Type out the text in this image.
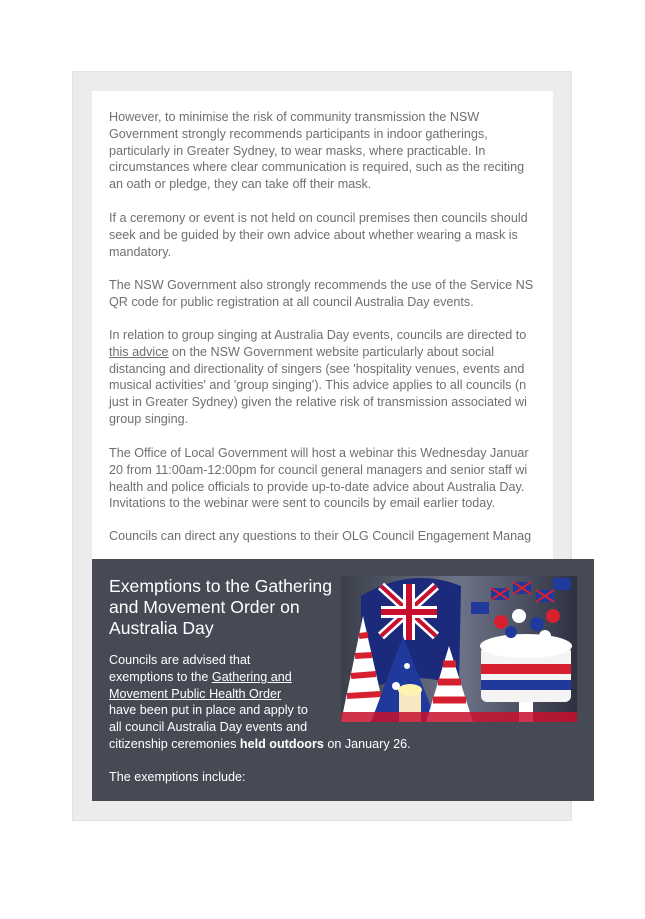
However, to minimise the risk of community transmission the NSW
Government strongly recommends participants in indoor gatherings,
particularly in Greater Sydney, to wear masks, where practicable. In
circumstances where clear communication is required, such as the reciting
an oath or pledge, they can take off their mask.

If a ceremony or event is not held on council premises then councils should
seek and be guided by their own advice about whether wearing a mask is
mandatory.

The NSW Government also strongly recommends the use of the Service NS
QR code for public registration at all council Australia Day events.

In relation to group singing at Australia Day events, councils are directed to
this advice on the NSW Government website particularly about social
distancing and directionality of singers (see 'hospitality venues, events and
musical activities' and 'group singing'). This advice applies to all councils (n
just in Greater Sydney) given the relative risk of transmission associated wi
group singing.

The Office of Local Government will host a webinar this Wednesday Januar
20 from 11:00am-12:00pm for council general managers and senior staff wi
health and police officials to provide up-to-date advice about Australia Day.
Invitations to the webinar were sent to councils by email earlier today.

Councils can direct any questions to their OLG Council Engagement Manag

Exemptions to the Gathering and Movement Order on Australia Day
Councils are advised that
exemptions to the Gathering and
Movement Public Health Order
have been put in place and apply to
all council Australia Day events and
citizenship ceremonies held outdoors on January 26.

The exemptions include:
